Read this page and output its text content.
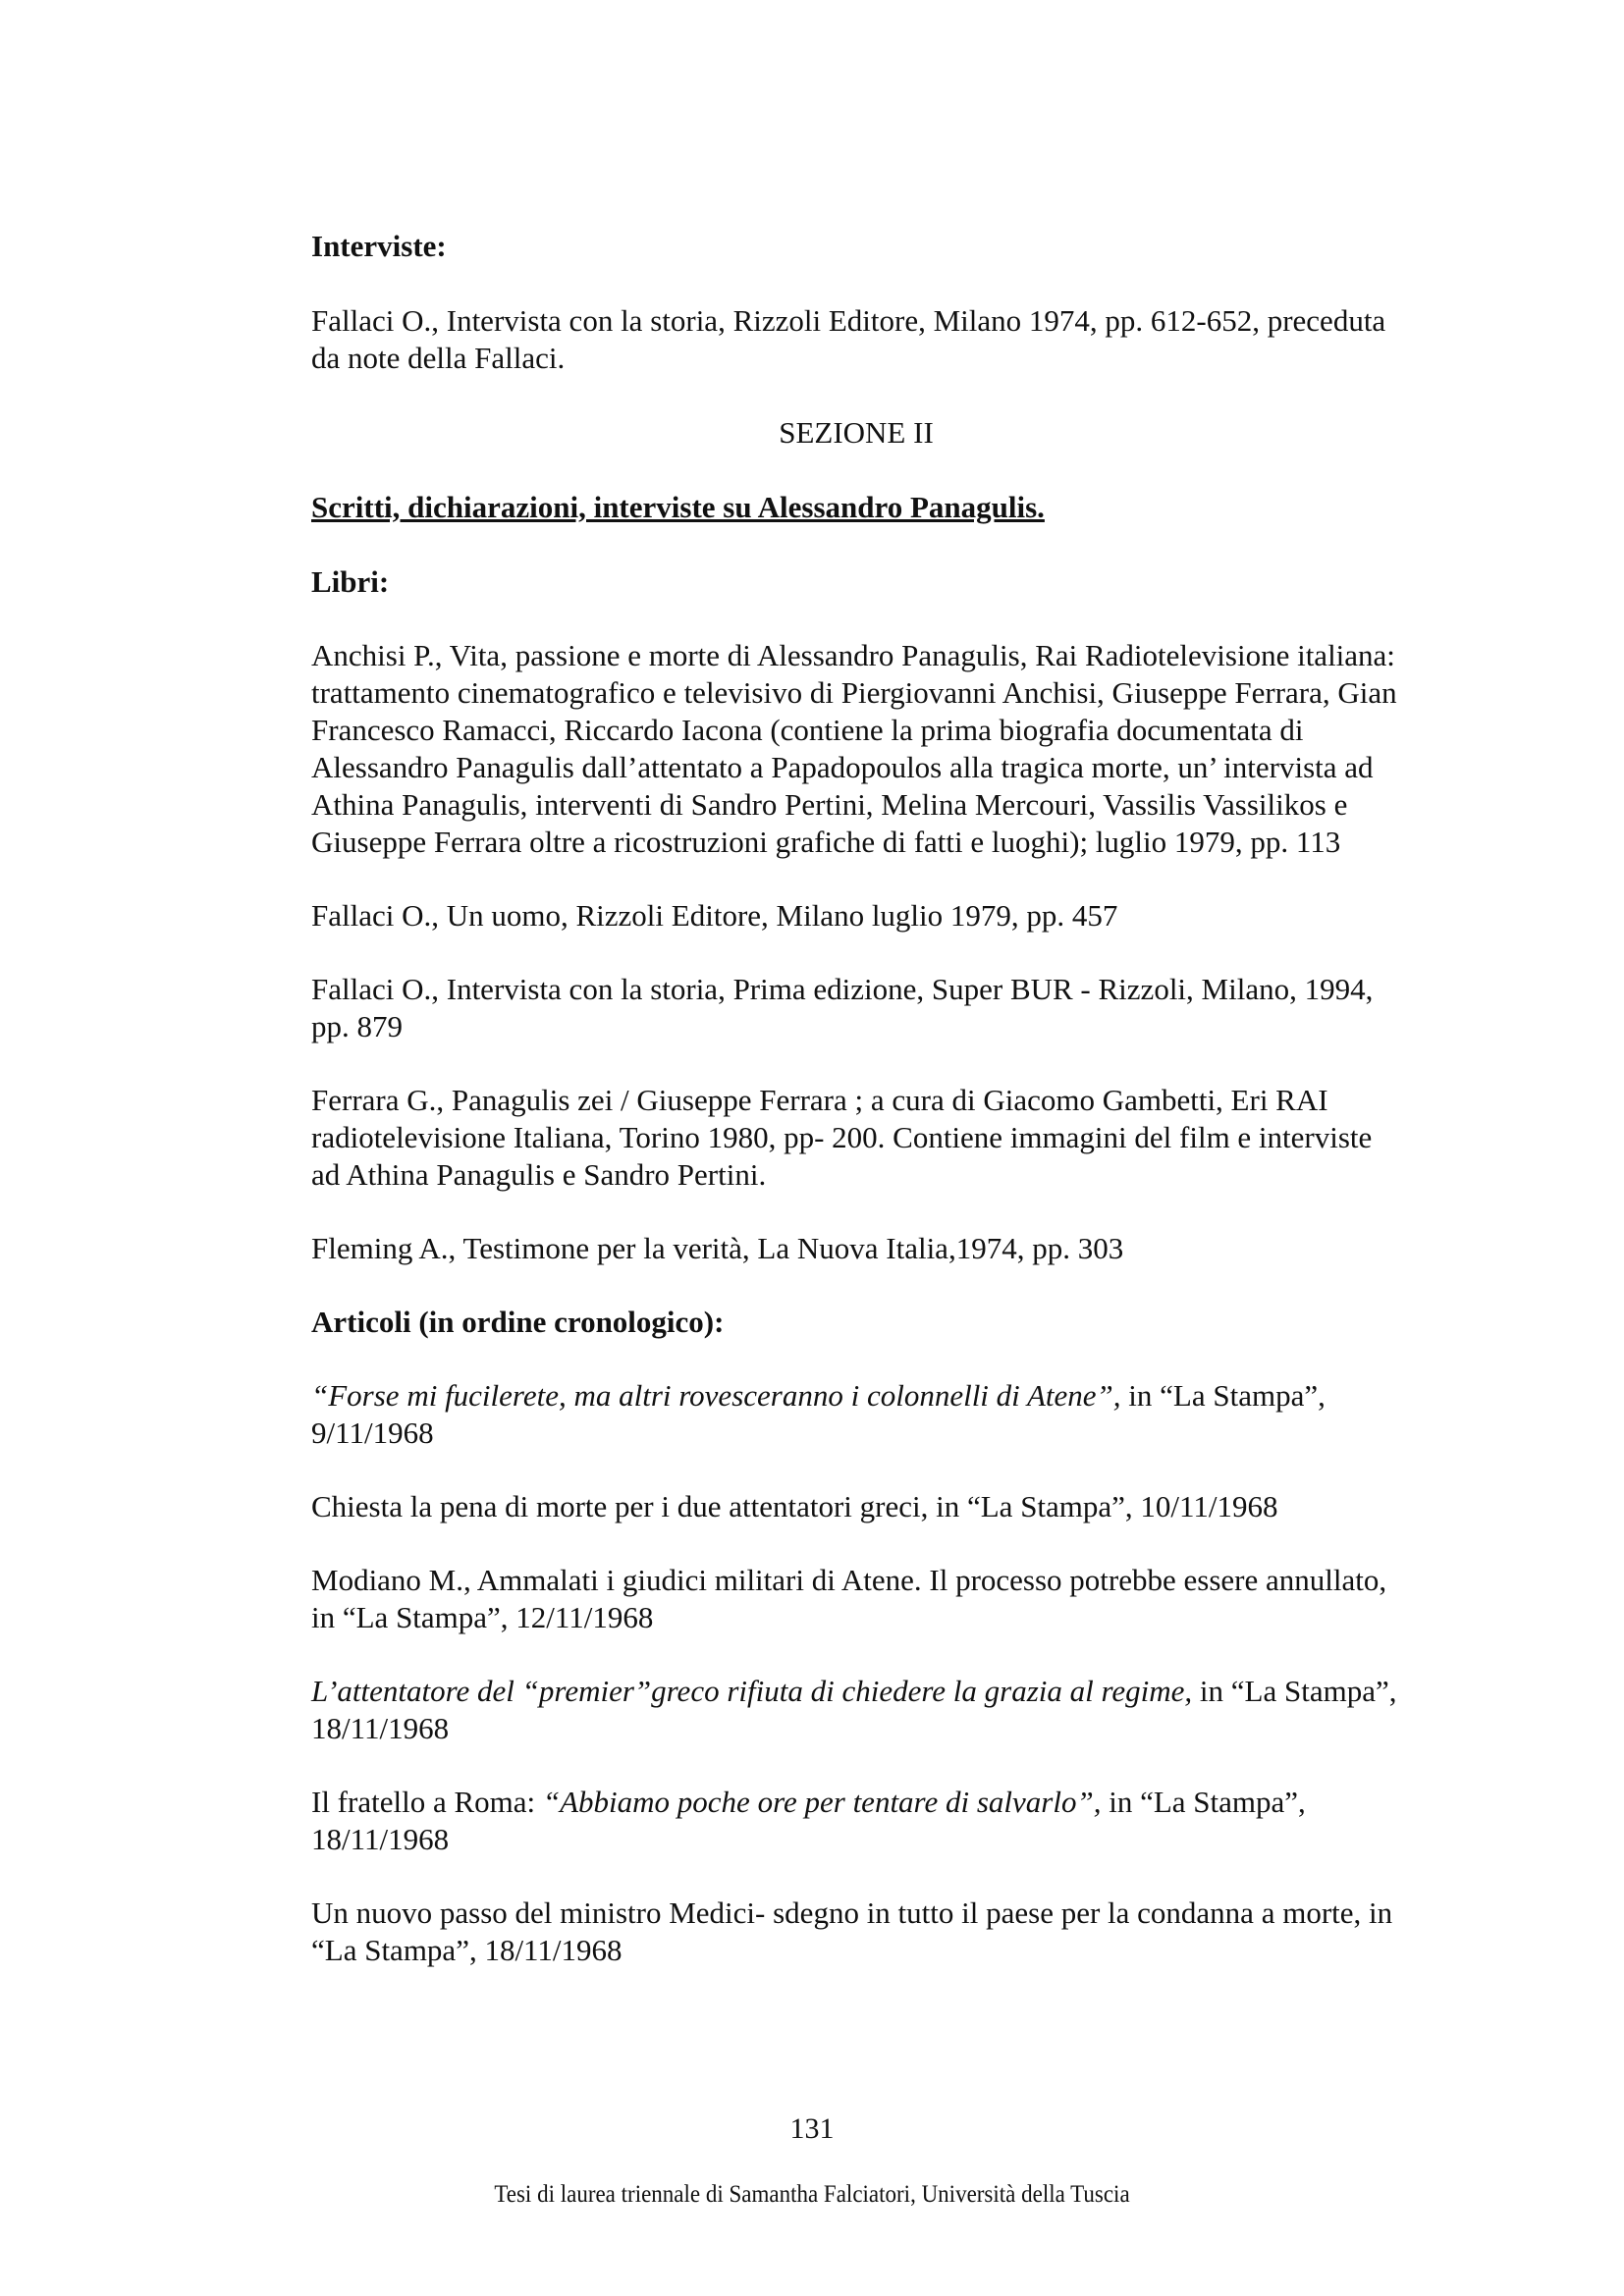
Interviste:

Fallaci O., Intervista con la storia, Rizzoli Editore, Milano 1974, pp. 612-652, preceduta da note della Fallaci.

SEZIONE II

Scritti, dichiarazioni, interviste su Alessandro Panagulis.

Libri:

Anchisi P., Vita, passione e morte di Alessandro Panagulis, Rai Radiotelevisione italiana: trattamento cinematografico e televisivo di Piergiovanni Anchisi, Giuseppe Ferrara, Gian Francesco Ramacci, Riccardo Iacona (contiene la prima biografia documentata di Alessandro Panagulis dall’attentato a Papadopoulos alla tragica morte, un’ intervista ad Athina Panagulis, interventi di Sandro Pertini, Melina Mercouri, Vassilis Vassilikos e Giuseppe Ferrara oltre a ricostruzioni grafiche di fatti e luoghi); luglio 1979, pp. 113

Fallaci O., Un uomo, Rizzoli Editore, Milano luglio 1979, pp. 457

Fallaci O., Intervista con la storia, Prima edizione, Super BUR - Rizzoli, Milano, 1994, pp. 879

Ferrara G., Panagulis zei / Giuseppe Ferrara ; a cura di Giacomo Gambetti, Eri RAI radiotelevisione Italiana, Torino 1980, pp- 200. Contiene immagini del film e interviste ad Athina Panagulis e Sandro Pertini.

Fleming A., Testimone per la verità, La Nuova Italia,1974, pp. 303

Articoli (in ordine cronologico):

“Forse mi fucilerete, ma altri rovesceranno i colonnelli di Atene”, in “La Stampa”, 9/11/1968

Chiesta la pena di morte per i due attentatori greci, in “La Stampa”, 10/11/1968

Modiano M., Ammalati i giudici militari di Atene. Il processo potrebbe essere annullato, in “La Stampa”, 12/11/1968

L’attentatore del “premier”greco rifiuta di chiedere la grazia al regime, in “La Stampa”, 18/11/1968

Il fratello a Roma: “Abbiamo poche ore per tentare di salvarlo”, in “La Stampa”, 18/11/1968

Un nuovo passo del ministro Medici- sdegno in tutto il paese per la condanna a morte, in “La Stampa”, 18/11/1968

131
Tesi di laurea triennale di Samantha Falciatori, Università della Tuscia
